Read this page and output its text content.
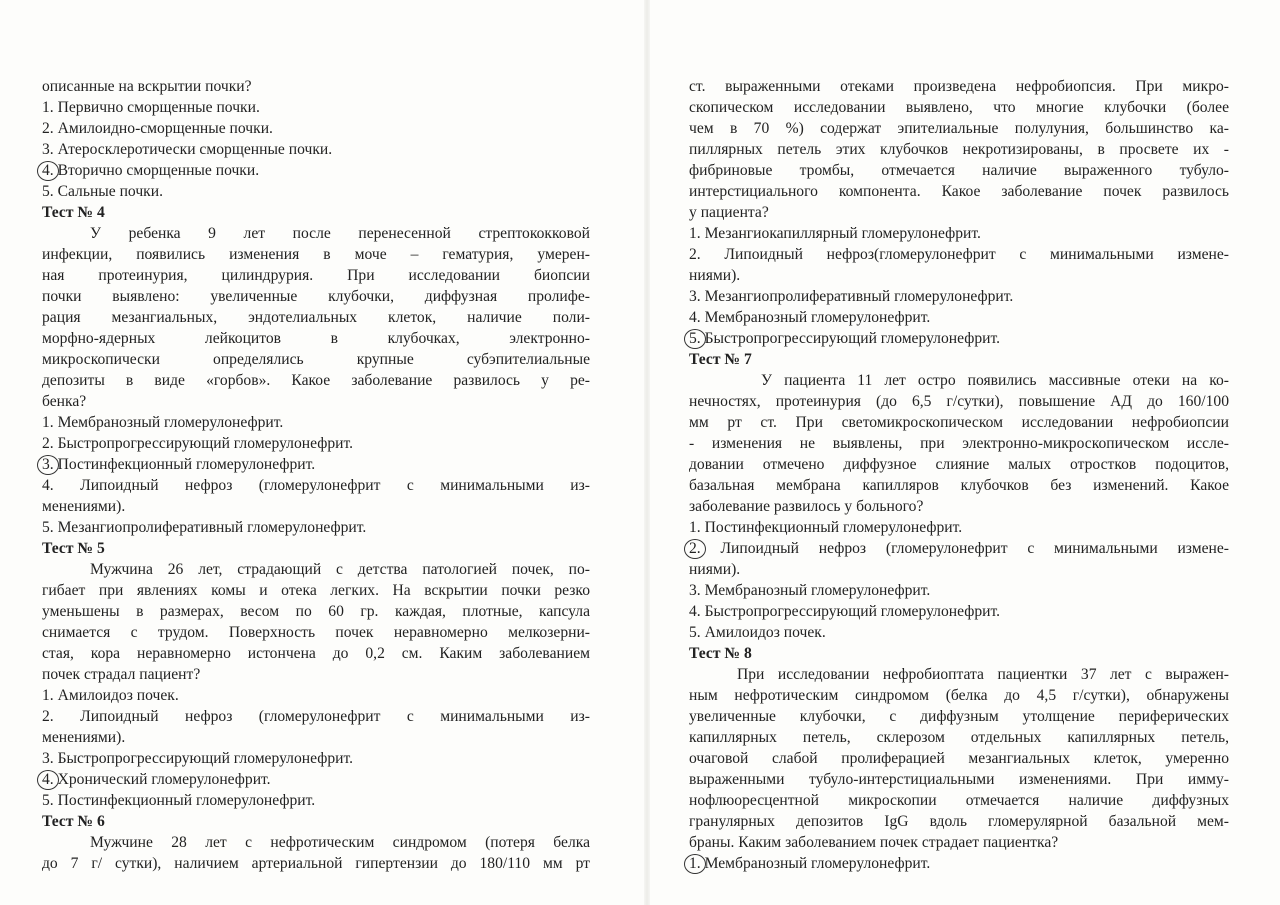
описанные на вскрытии почки?
1. Первично сморщенные почки.
2. Амилоидно-сморщенные почки.
3. Атеросклеротически сморщенные почки.
4. Вторично сморщенные почки.
5. Сальные почки.
Тест № 4
У ребенка 9 лет после перенесенной стрептококковой
инфекции, появились изменения в моче – гематурия, умерен-
ная протеинурия, цилиндрурия. При исследовании биопсии
почки выявлено: увеличенные клубочки, диффузная пролифе-
рация мезангиальных, эндотелиальных клеток, наличие поли-
морфно-ядерных лейкоцитов в клубочках, электронно-
микроскопически определялись крупные субэпителиальные
депозиты в виде «горбов». Какое заболевание развилось у ре-
бенка?
1. Мембранозный гломерулонефрит.
2. Быстропрогрессирующий гломерулонефрит.
3. Постинфекционный гломерулонефрит.
4. Липоидный нефроз (гломерулонефрит с минимальными из-
менениями).
5. Мезангиопролиферативный гломерулонефрит.
Тест № 5
Мужчина 26 лет, страдающий с детства патологией почек, по-
гибает при явлениях комы и отека легких. На вскрытии почки резко
уменьшены в размерах, весом по 60 гр. каждая, плотные, капсула
снимается с трудом. Поверхность почек неравномерно мелкозерни-
стая, кора неравномерно истончена до 0,2 см. Каким заболеванием
почек страдал пациент?
1. Амилоидоз почек.
2. Липоидный нефроз (гломерулонефрит с минимальными из-
менениями).
3. Быстропрогрессирующий гломерулонефрит.
4. Хронический гломерулонефрит.
5. Постинфекционный гломерулонефрит.
Тест № 6
Мужчине 28 лет с нефротическим синдромом (потеря белка
до 7 г/ сутки), наличием артериальной гипертензии до 180/110 мм рт
ст. выраженными отеками произведена нефробиопсия. При микро-
скопическом исследовании выявлено, что многие клубочки (более
чем в 70 %) содержат эпителиальные полулуния, большинство ка-
пиллярных петель этих клубочков некротизированы, в просвете их -
фибриновые тромбы, отмечается наличие выраженного тубуло-
интерстициального компонента. Какое заболевание почек развилось
у пациента?
1. Мезангиокапиллярный гломерулонефрит.
2. Липоидный нефроз(гломерулонефрит с минимальными измене-
ниями).
3. Мезангиопролиферативный гломерулонефрит.
4. Мембранозный гломерулонефрит.
5. Быстропрогрессирующий гломерулонефрит.
Тест № 7
У пациента 11 лет остро появились массивные отеки на ко-
нечностях, протеинурия (до 6,5 г/сутки), повышение АД до 160/100
мм рт ст. При светомикроскопическом исследовании нефробиопсии
- изменения не выявлены, при электронно-микроскопическом иссле-
довании отмечено диффузное слияние малых отростков подоцитов,
базальная мембрана капилляров клубочков без изменений. Какое
заболевание развилось у больного?
1. Постинфекционный гломерулонефрит.
2. Липоидный нефроз (гломерулонефрит с минимальными измене-
ниями).
3. Мембранозный гломерулонефрит.
4. Быстропрогрессирующий гломерулонефрит.
5. Амилоидоз почек.
Тест № 8
При исследовании нефробиоптата пациентки 37 лет с выражен-
ным нефротическим синдромом (белка до 4,5 г/сутки), обнаружены
увеличенные клубочки, с диффузным утолщение периферических
капиллярных петель, склерозом отдельных капиллярных петель,
очаговой слабой пролиферацией мезангиальных клеток, умеренно
выраженными тубуло-интерстициальными изменениями. При имму-
нофлюоресцентной микроскопии отмечается наличие диффузных
гранулярных депозитов IgG вдоль гломерулярной базальной мем-
браны. Каким заболеванием почек страдает пациентка?
1. Мембранозный гломерулонефрит.
